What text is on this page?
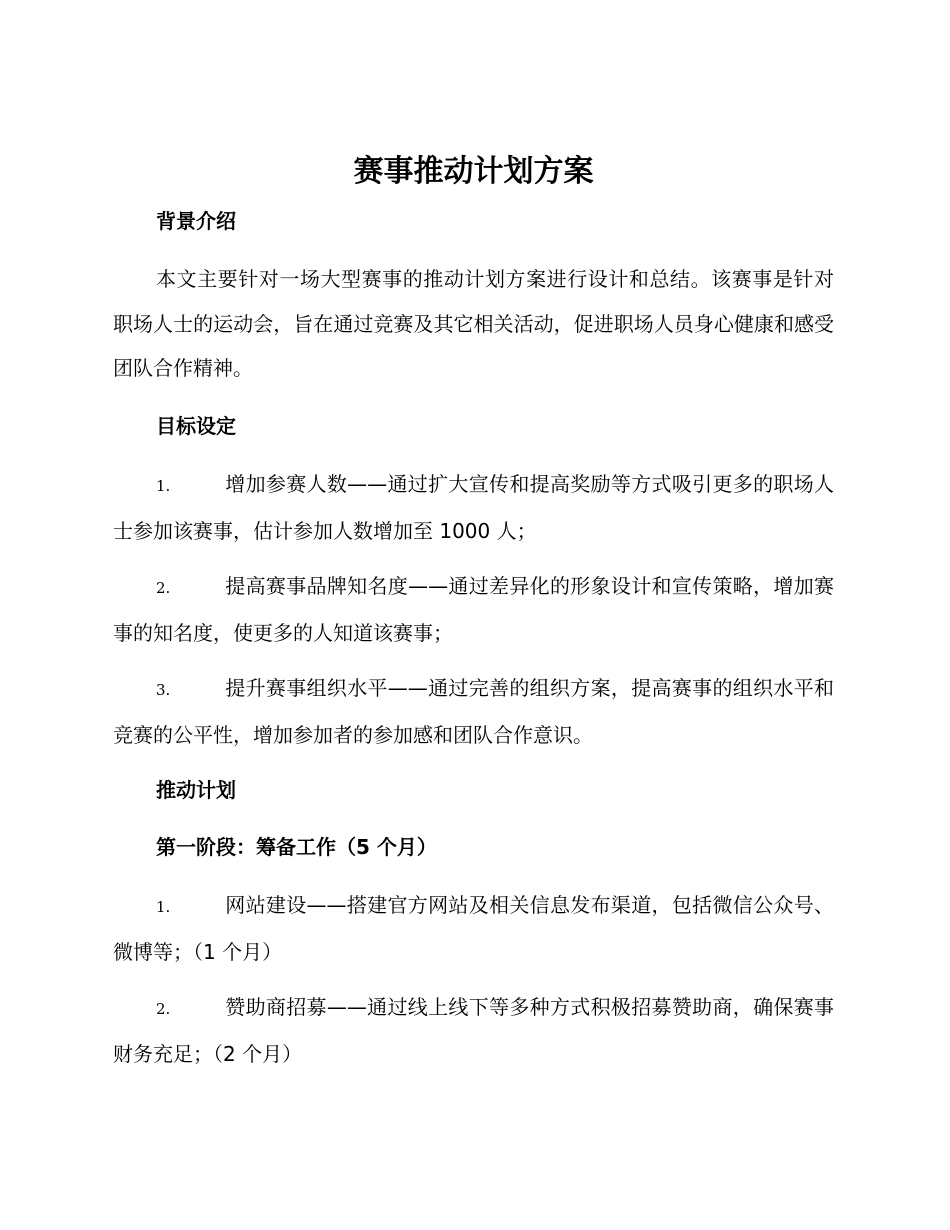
赛事推动计划方案
背景介绍

本文主要针对一场大型赛事的推动计划方案进行设计和总结。该赛事是针对职场人士的运动会，旨在通过竞赛及其它相关活动，促进职场人员身心健康和感受团队合作精神。

目标设定

1.	增加参赛人数——通过扩大宣传和提高奖励等方式吸引更多的职场人士参加该赛事，估计参加人数增加至 1000 人；

2.	提高赛事品牌知名度——通过差异化的形象设计和宣传策略，增加赛事的知名度，使更多的人知道该赛事；

3.	提升赛事组织水平——通过完善的组织方案，提高赛事的组织水平和竞赛的公平性，增加参加者的参加感和团队合作意识。

推动计划
第一阶段：筹备工作（5 个月）

1.	网站建设——搭建官方网站及相关信息发布渠道，包括微信公众号、微博等；（1 个月）

2.	赞助商招募——通过线上线下等多种方式积极招募赞助商，确保赛事财务充足；（2 个月）
